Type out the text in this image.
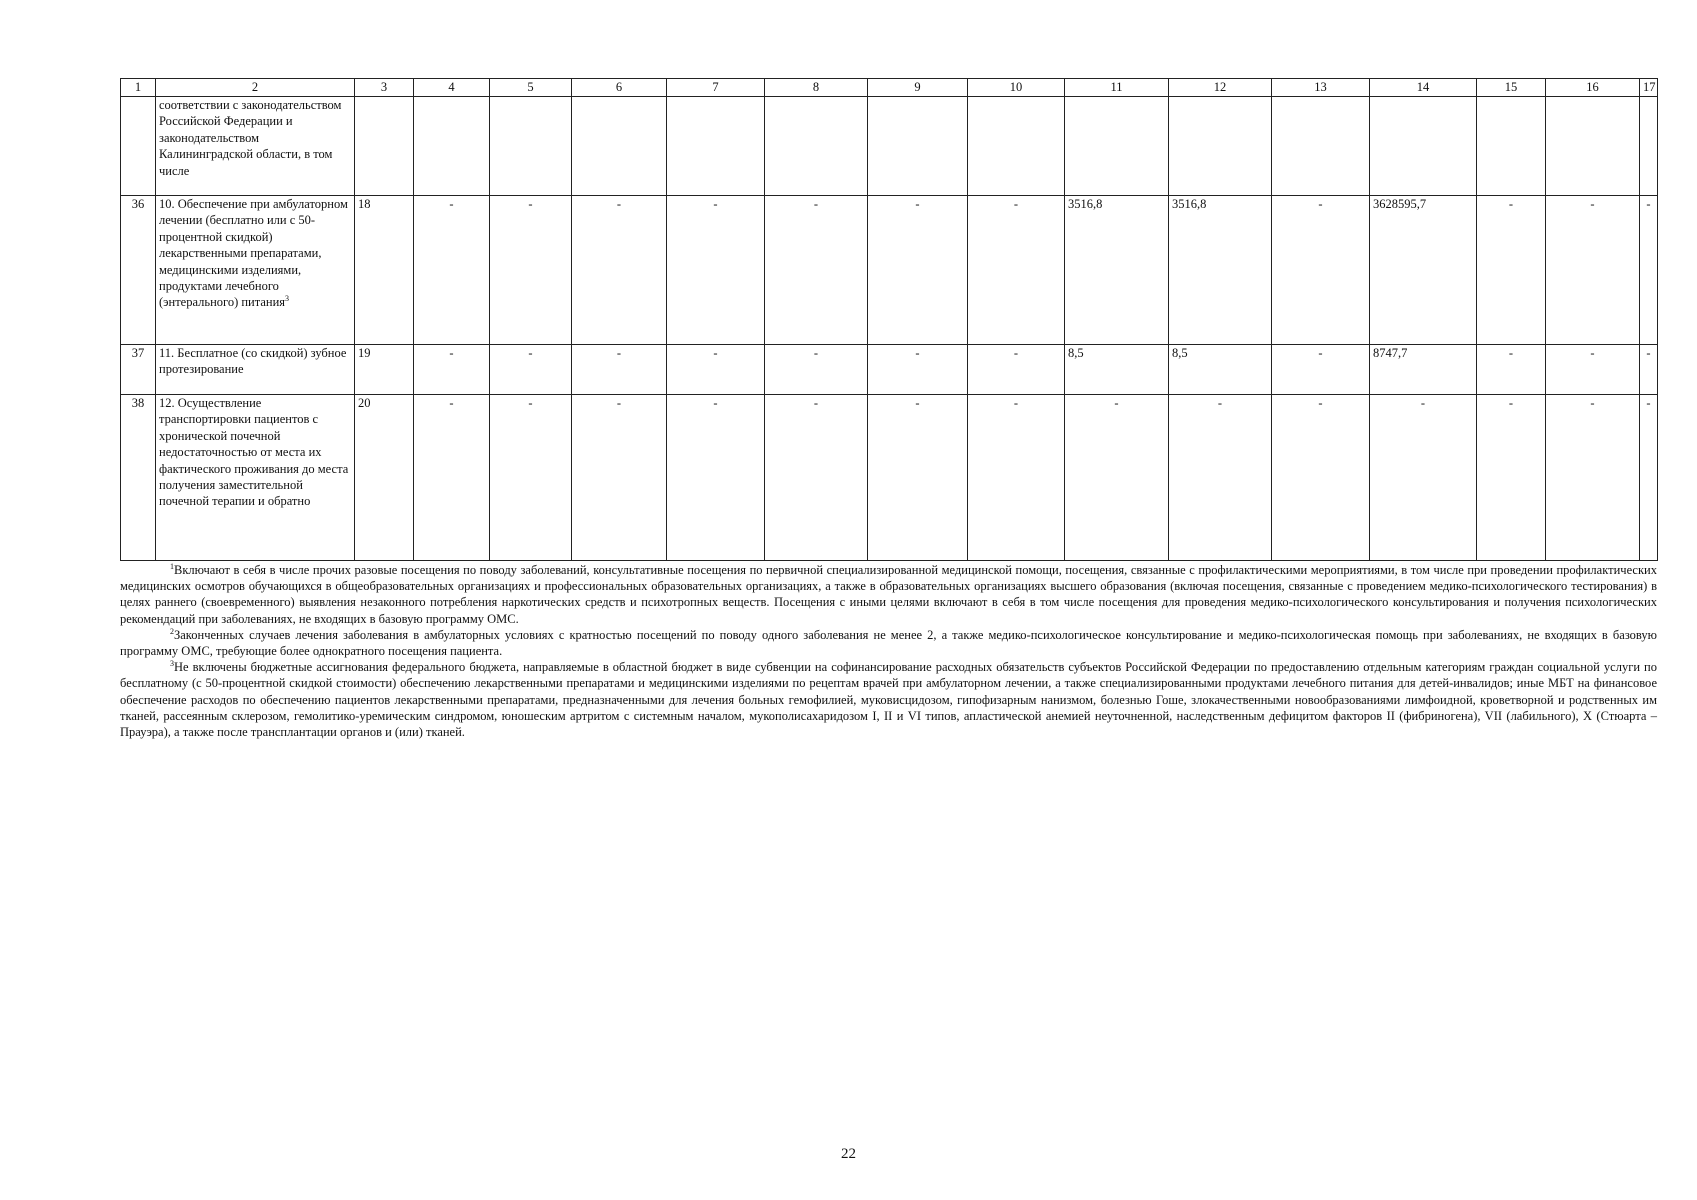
1	2	3	4	5	6	7	8	9	10	11	12	13	14	15	16	17
	соответствии с законодательством Российской Федерации и законодательством Калининградской области, в том числе															
36	10. Обеспечение при амбулаторном лечении (бесплатно или с 50-процентной скидкой) лекарственными препаратами, медицинскими изделиями, продуктами лечебного (энтерального) питания$^3$	18	-	-	-	-	-	-	-	3516,8	3516,8	-	3628595,7	-	-	-
37	11. Бесплатное (со скидкой) зубное протезирование	19	-	-	-	-	-	-	-	8,5	8,5	-	8747,7	-	-	-
38	12. Осуществление транспортировки пациентов с хронической почечной недостаточностью от места их фактического проживания до места получения заместительной почечной терапии и обратно	20	-	-	-	-	-	-	-	-	-	-	-	-	-	-

$^1$Включают в себя в числе прочих разовые посещения по поводу заболеваний, консультативные посещения по первичной специализированной медицинской помощи, посещения, связанные с профилактическими мероприятиями, в том числе при проведении профилактических медицинских осмотров обучающихся в общеобразовательных организациях и профессиональных образовательных организациях, а также в образовательных организациях высшего образования (включая посещения, связанные с проведением медико-психологического тестирования) в целях раннего (своевременного) выявления незаконного потребления наркотических средств и психотропных веществ. Посещения с иными целями включают в себя в том числе посещения для проведения медико-психологического консультирования и получения психологических рекомендаций при заболеваниях, не входящих в базовую программу ОМС.

$^2$Законченных случаев лечения заболевания в амбулаторных условиях с кратностью посещений по поводу одного заболевания не менее 2, а также медико-психологическое консультирование и медико-психологическая помощь при заболеваниях, не входящих в базовую программу ОМС, требующие более однократного посещения пациента.

$^3$Не включены бюджетные ассигнования федерального бюджета, направляемые в областной бюджет в виде субвенции на софинансирование расходных обязательств субъектов Российской Федерации по предоставлению отдельным категориям граждан социальной услуги по бесплатному (с 50-процентной скидкой стоимости) обеспечению лекарственными препаратами и медицинскими изделиями по рецептам врачей при амбулаторном лечении, а также специализированными продуктами лечебного питания для детей-инвалидов; иные МБТ на финансовое обеспечение расходов по обеспечению пациентов лекарственными препаратами, предназначенными для лечения больных гемофилией, муковисцидозом, гипофизарным нанизмом, болезнью Гоше, злокачественными новообразованиями лимфоидной, кроветворной и родственных им тканей, рассеянным склерозом, гемолитико-уремическим синдромом, юношеским артритом с системным началом, мукополисахаридозом I, II и VI типов, апластической анемией неуточненной, наследственным дефицитом факторов II (фибриногена), VII (лабильного), X (Стюарта – Прауэра), а также после трансплантации органов и (или) тканей.

22
